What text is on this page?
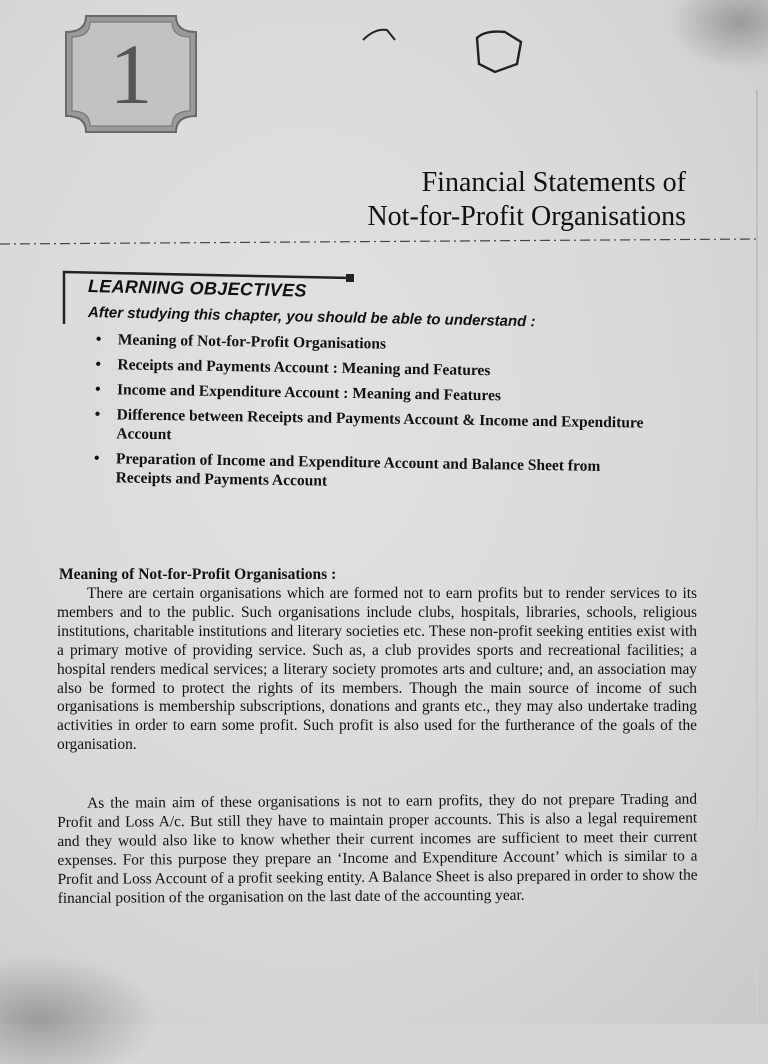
1
Financial Statements of
Not-for-Profit Organisations
LEARNING OBJECTIVES
After studying this chapter, you should be able to understand :
• Meaning of Not-for-Profit Organisations
• Receipts and Payments Account : Meaning and Features
• Income and Expenditure Account : Meaning and Features
• Difference between Receipts and Payments Account & Income and Expenditure Account
• Preparation of Income and Expenditure Account and Balance Sheet from Receipts and Payments Account
Meaning of Not-for-Profit Organisations :

There are certain organisations which are formed not to earn profits but to render services to its members and to the public. Such organisations include clubs, hospitals, libraries, schools, religious institutions, charitable institutions and literary societies etc. These non-profit seeking entities exist with a primary motive of providing service. Such as, a club provides sports and recreational facilities; a hospital renders medical services; a literary society promotes arts and culture; and, an association may also be formed to protect the rights of its members. Though the main source of income of such organisations is membership subscriptions, donations and grants etc., they may also undertake trading activities in order to earn some profit. Such profit is also used for the furtherance of the goals of the organisation.

As the main aim of these organisations is not to earn profits, they do not prepare Trading and Profit and Loss A/c. But still they have to maintain proper accounts. This is also a legal requirement and they would also like to know whether their current incomes are sufficient to meet their current expenses. For this purpose they prepare an ‘Income and Expenditure Account’ which is similar to a Profit and Loss Account of a profit seeking entity. A Balance Sheet is also prepared in order to show the financial position of the organisation on the last date of the accounting year.
